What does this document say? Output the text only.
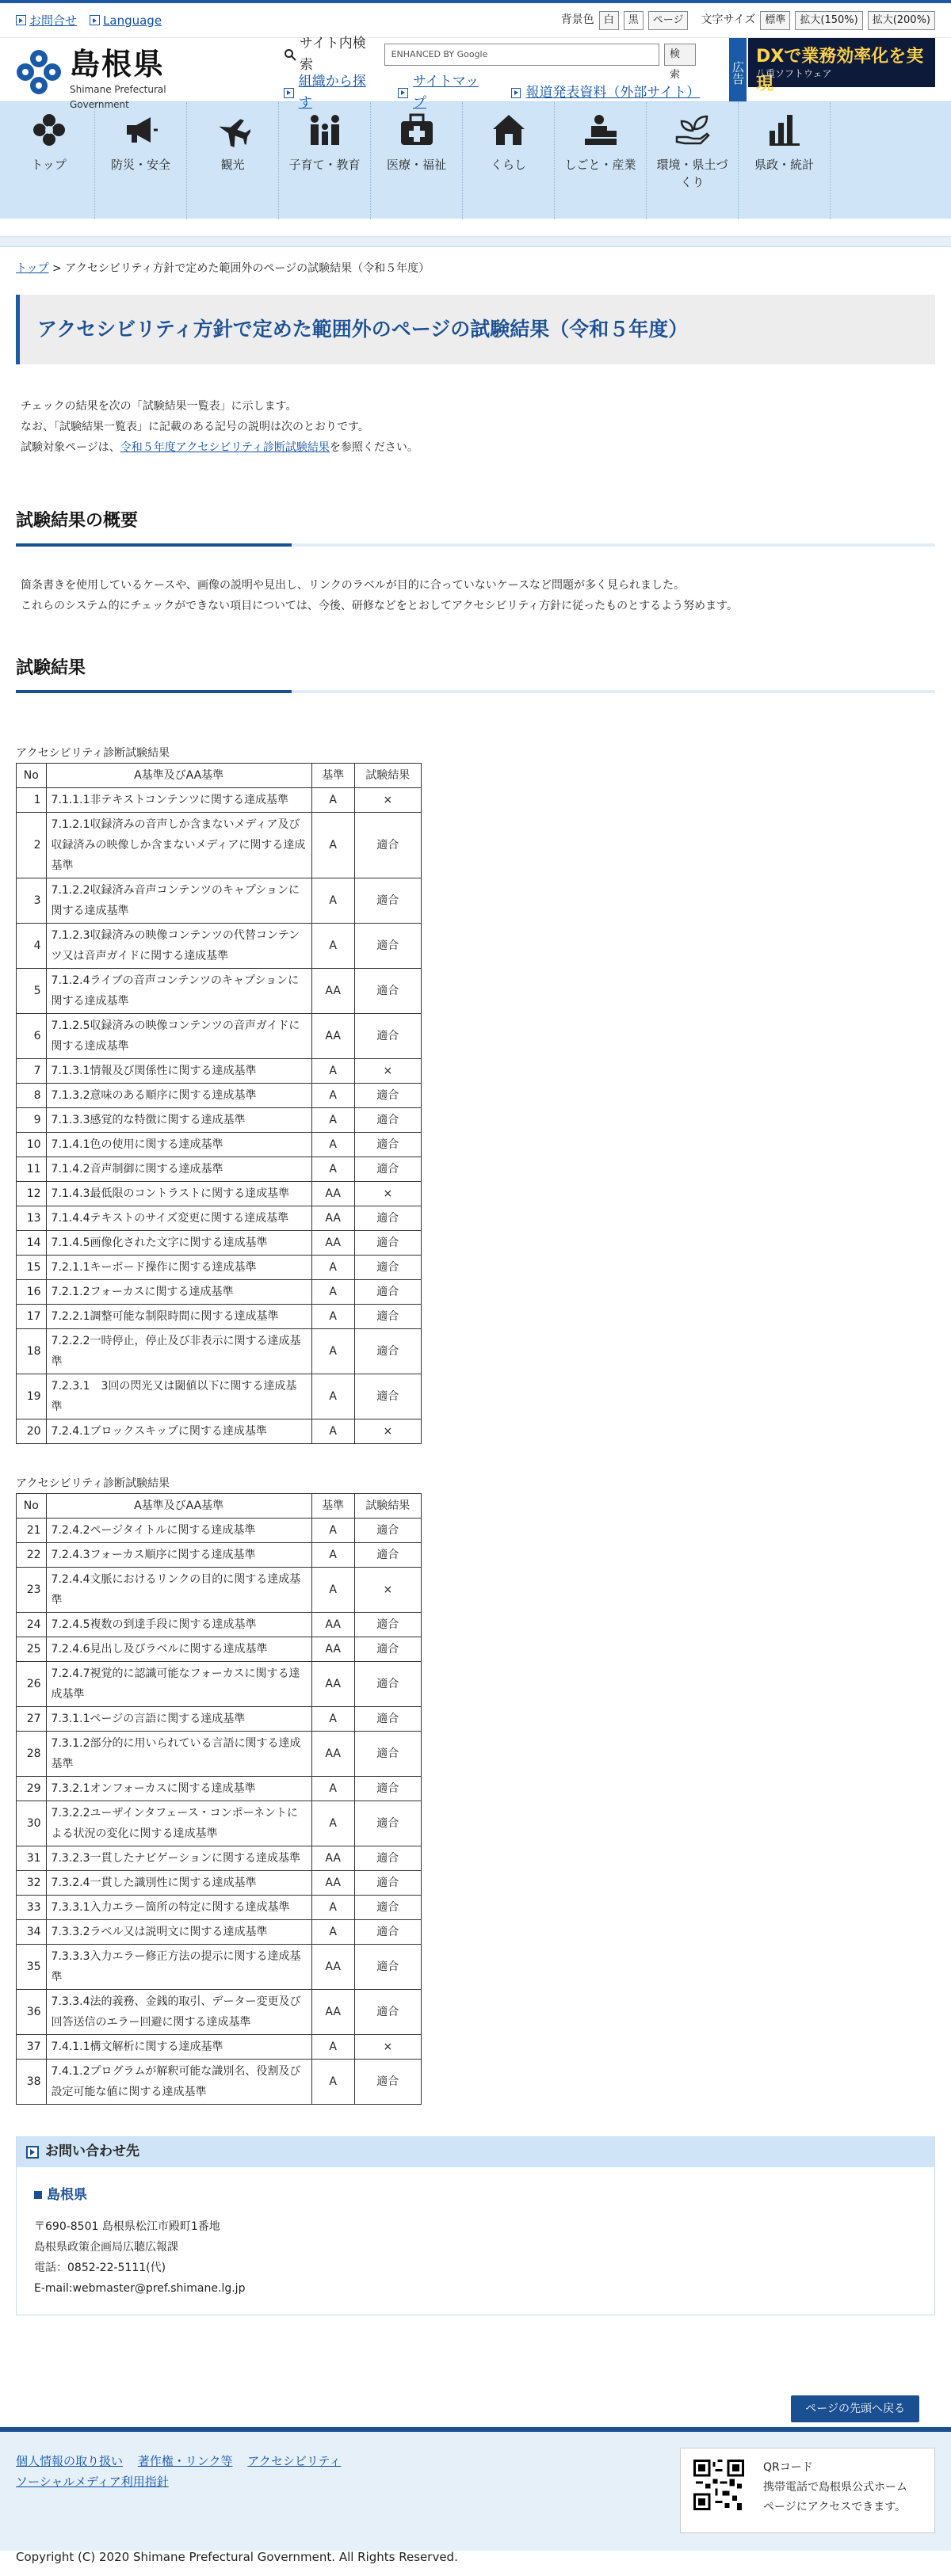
お問合せ Language	背景色 白	黒	ページ	文字サイズ 標準	拡大(150%)	拡大(200%)
島根県
Shimane Prefectural Government
サイト内検索
ENHANCED BY Google	検索
組織から探す
サイトマップ
報道発表資料（外部サイト）
広告
DXで業務効率化を実現
八重ソフトウェア
トップ	防災・安全	観光	子育て・教育	医療・福祉	くらし	しごと・産業	環境・県土づくり
県政・統計
トップ > アクセシビリティ方針で定めた範囲外のページの試験結果（令和５年度）
アクセシビリティ方針で定めた範囲外のページの試験結果（令和５年度）

チェックの結果を次の「試験結果一覧表」に示します。

なお、「試験結果一覧表」に記載のある記号の説明は次のとおりです。

試験対象ページは、令和５年度アクセシビリティ診断試験結果を参照ください。

試験結果の概要

箇条書きを使用しているケースや、画像の説明や見出し、リンクのラベルが目的に合っていないケースなど問題が多く見られました。

これらのシステム的にチェックができない項目については、今後、研修などをとおしてアクセシビリティ方針に従ったものとするよう努めます。

試験結果
アクセシビリティ診断試験結果
No	A基準及びAA基準	基準	試験結果
1	7.1.1.1非テキストコンテンツに関する達成基準	A	×
2	7.1.2.1収録済みの音声しか含まないメディア及び収録済みの映像しか含まないメディアに関する達成基準	A	適合
3	7.1.2.2収録済み音声コンテンツのキャプションに関する達成基準	A	適合
4	7.1.2.3収録済みの映像コンテンツの代替コンテンツ又は音声ガイドに関する達成基準	A	適合
5	7.1.2.4ライブの音声コンテンツのキャプションに関する達成基準	AA	適合
6	7.1.2.5収録済みの映像コンテンツの音声ガイドに関する達成基準	AA	適合
7	7.1.3.1情報及び関係性に関する達成基準	A	×
8	7.1.3.2意味のある順序に関する達成基準	A	適合
9	7.1.3.3感覚的な特徴に関する達成基準	A	適合
10	7.1.4.1色の使用に関する達成基準	A	適合
11	7.1.4.2音声制御に関する達成基準	A	適合
12	7.1.4.3最低限のコントラストに関する達成基準	AA	×
13	7.1.4.4テキストのサイズ変更に関する達成基準	AA	適合
14	7.1.4.5画像化された文字に関する達成基準	AA	適合
15	7.2.1.1キーボード操作に関する達成基準	A	適合
16	7.2.1.2フォーカスに関する達成基準	A	適合
17	7.2.2.1調整可能な制限時間に関する達成基準	A	適合
18	7.2.2.2一時停止，停止及び非表示に関する達成基準	A	適合
19	7.2.3.1　3回の閃光又は閾値以下に関する達成基準	A	適合
20	7.2.4.1ブロックスキップに関する達成基準	A	×
アクセシビリティ診断試験結果
No	A基準及びAA基準	基準	試験結果
21	7.2.4.2ページタイトルに関する達成基準	A	適合
22	7.2.4.3フォーカス順序に関する達成基準	A	適合
23	7.2.4.4文脈におけるリンクの目的に関する達成基準	A	×
24	7.2.4.5複数の到達手段に関する達成基準	AA	適合
25	7.2.4.6見出し及びラベルに関する達成基準	AA	適合
26	7.2.4.7視覚的に認識可能なフォーカスに関する達成基準	AA	適合
27	7.3.1.1ページの言語に関する達成基準	A	適合
28	7.3.1.2部分的に用いられている言語に関する達成基準	AA	適合
29	7.3.2.1オンフォーカスに関する達成基準	A	適合
30	7.3.2.2ユーザインタフェース・コンポーネントによる状況の変化に関する達成基準	A	適合
31	7.3.2.3一貫したナビゲーションに関する達成基準	AA	適合
32	7.3.2.4一貫した識別性に関する達成基準	AA	適合
33	7.3.3.1入力エラー箇所の特定に関する達成基準	A	適合
34	7.3.3.2ラベル又は説明文に関する達成基準	A	適合
35	7.3.3.3入力エラー修正方法の提示に関する達成基準	AA	適合
36	7.3.3.4法的義務、金銭的取引、データー変更及び回答送信のエラー回避に関する達成基準	AA	適合
37	7.4.1.1構文解析に関する達成基準	A	×
38	7.4.1.2プログラムが解釈可能な識別名、役割及び設定可能な値に関する達成基準	A	適合
お問い合わせ先
島根県

〒690-8501 島根県松江市殿町1番地

島根県政策企画局広聴広報課

電話：0852-22-5111(代)

E-mail:webmaster@pref.shimane.lg.jp

ページの先頭へ戻る
個人情報の取り扱い 著作権・リンク等 アクセシビリティ
ソーシャルメディア利用指針

QRコード

携帯電話で島根県公式ホーム

ページにアクセスできます。

Copyright (C) 2020 Shimane Prefectural Government. All Rights Reserved.
